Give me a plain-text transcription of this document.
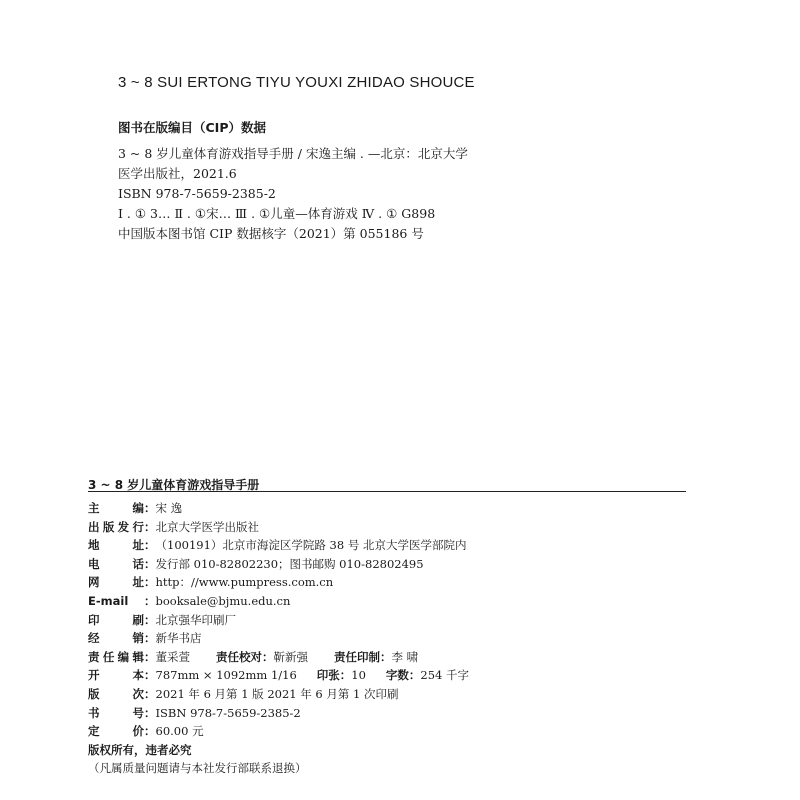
3 ~ 8 SUI ERTONG TIYU YOUXI ZHIDAO SHOUCE
图书在版编目（CIP）数据
3 ~ 8 岁儿童体育游戏指导手册 / 宋逸主编 . —北京：北京大学
医学出版社，2021.6
ISBN 978-7-5659-2385-2
Ⅰ . ① 3… Ⅱ . ①宋… Ⅲ . ①儿童—体育游戏 Ⅳ . ① G898
中国版本图书馆 CIP 数据核字（2021）第 055186 号
3 ~ 8 岁儿童体育游戏指导手册
主 编 ： 宋 逸
出版发行 ： 北京大学医学出版社
地 址 ： （100191）北京市海淀区学院路 38 号 北京大学医学部院内
电 话 ： 发行部 010-82802230；图书邮购 010-82802495
网 址 ： http：//www.pumpress.com.cn
E-mail	： booksale@bjmu.edu.cn
印 刷 ： 北京强华印刷厂
经 销 ： 新华书店
责任编辑 ： 董采萱 责任校对 ： 靳新强 责任印制 ： 李 啸
开 本 ： 787mm × 1092mm 1/16 印张 ： 10 字数 ： 254 千字
版 次 ： 2021 年 6 月第 1 版 2021 年 6 月第 1 次印刷
书 号 ： ISBN 978-7-5659-2385-2
定 价 ： 60.00 元
版权所有，违者必究
（凡属质量问题请与本社发行部联系退换）
